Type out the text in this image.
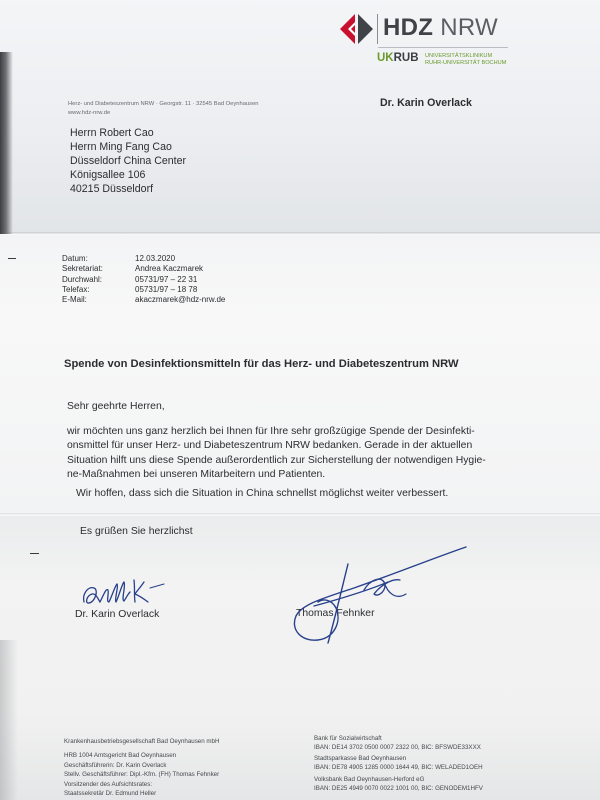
HDZ NRW
UKRUB UNIVERSITÄTSKLINIKUM
RUHR-UNIVERSITÄT BOCHUM
Herz- und Diabeteszentrum NRW · Georgstr. 11 · 32545 Bad Oeynhausen
www.hdz-nrw.de
Dr. Karin Overlack
Herrn Robert Cao
Herrn Ming Fang Cao
Düsseldorf China Center
Königsallee 106
40215 Düsseldorf
Datum:	12.03.2020
Sekretariat:	Andrea Kaczmarek
Durchwahl:	05731/97 – 22 31
Telefax:	05731/97 – 18 78
E-Mail:	akaczmarek@hdz-nrw.de
Spende von Desinfektionsmitteln für das Herz- und Diabeteszentrum NRW
Sehr geehrte Herren,
wir möchten uns ganz herzlich bei Ihnen für Ihre sehr großzügige Spende der Desinfekti-
onsmittel für unser Herz- und Diabeteszentrum NRW bedanken. Gerade in der aktuellen
Situation hilft uns diese Spende außerordentlich zur Sicherstellung der notwendigen Hygie-
ne-Maßnahmen bei unseren Mitarbeitern und Patienten.
Wir hoffen, dass sich die Situation in China schnellst möglichst weiter verbessert.
Es grüßen Sie herzlichst
Dr. Karin Overlack	Thomas Fehnker
Krankenhausbetriebsgesellschaft Bad Oeynhausen mbH
HRB 1004 Amtsgericht Bad Oeynhausen
Geschäftsführerin: Dr. Karin Overlack
Stellv. Geschäftsführer: Dipl.-Kfm. (FH) Thomas Fehnker
Vorsitzender des Aufsichtsrates:
Staatssekretär Dr. Edmund Heller
Bank für Sozialwirtschaft
IBAN: DE14 3702 0500 0007 2322 00, BIC: BFSWDE33XXX
Stadtsparkasse Bad Oeynhausen
IBAN: DE78 4905 1285 0000 1644 49, BIC: WELADED1OEH
Volksbank Bad Oeynhausen-Herford eG
IBAN: DE25 4949 0070 0022 1001 00, BIC: GENODEM1HFV
